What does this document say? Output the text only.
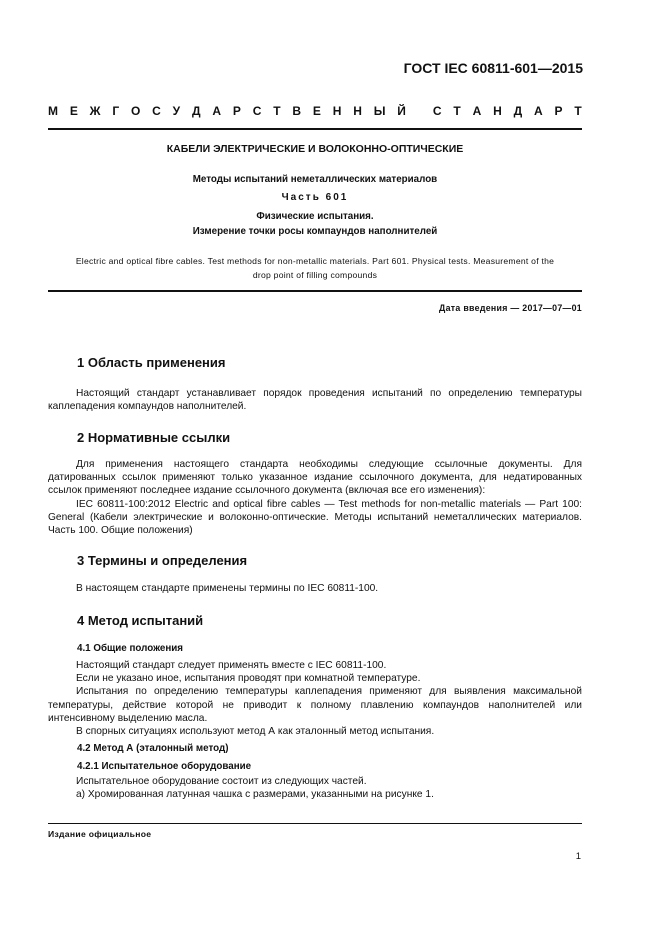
ГОСТ IEC 60811-601—2015
М Е Ж Г О С У Д А Р С Т В Е Н Н Ы Й
С Т А Н Д А Р Т
КАБЕЛИ ЭЛЕКТРИЧЕСКИЕ И ВОЛОКОННО-ОПТИЧЕСКИЕ
Методы испытаний неметаллических материалов
Часть 601
Физические испытания.
Измерение точки росы компаундов наполнителей
Electric and optical fibre cables. Test methods for non-metallic materials. Part 601. Physical tests. Measurement of the
drop point of filling compounds
Дата введения — 2017—07—01
1 Область применения

Настоящий стандарт устанавливает порядок проведения испытаний по определению температуры каплепадения компаундов наполнителей.

2 Нормативные ссылки

Для применения настоящего стандарта необходимы следующие ссылочные документы. Для датированных ссылок применяют только указанное издание ссылочного документа, для недатированных ссылок применяют последнее издание ссылочного документа (включая все его изменения):

IEC 60811-100:2012 Electric and optical fibre cables — Test methods for non-metallic materials — Part 100: General (Кабели электрические и волоконно-оптические. Методы испытаний неметаллических материалов. Часть 100. Общие положения)

3 Термины и определения

В настоящем стандарте применены термины по IEC 60811-100.

4 Метод испытаний
4.1 Общие положения

Настоящий стандарт следует применять вместе с IEC 60811-100.

Если не указано иное, испытания проводят при комнатной температуре.

Испытания по определению температуры каплепадения применяют для выявления максимальной температуры, действие которой не приводит к полному плавлению компаундов наполнителей или интенсивному выделению масла.

В спорных ситуациях используют метод А как эталонный метод испытания.

4.2 Метод А (эталонный метод)
4.2.1 Испытательное оборудование

Испытательное оборудование состоит из следующих частей.

а) Хромированная латунная чашка с размерами, указанными на рисунке 1.

Издание официальное
1
